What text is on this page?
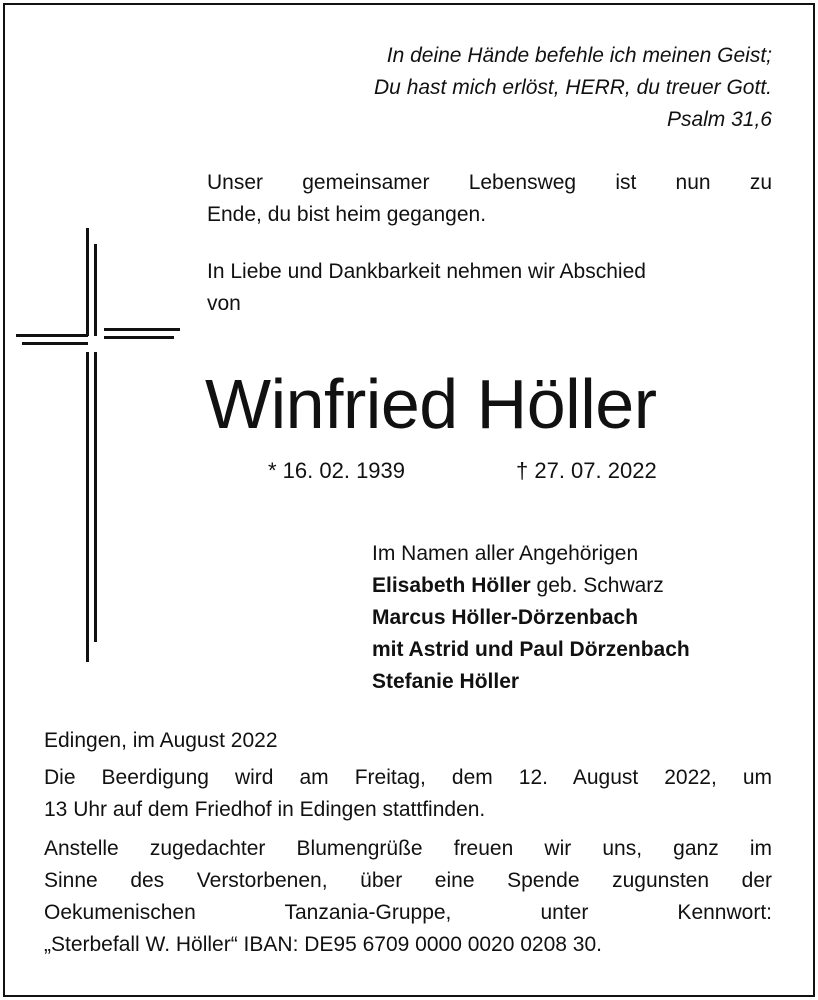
In deine Hände befehle ich meinen Geist;
Du hast mich erlöst, HERR, du treuer Gott.
Psalm 31,6
Unser gemeinsamer Lebensweg ist nun zu
Ende, du bist heim gegangen.
In Liebe und Dankbarkeit nehmen wir Abschied
von
Winfried Höller
* 16. 02. 1939	† 27. 07. 2022
Im Namen aller Angehörigen
Elisabeth Höller geb. Schwarz
Marcus Höller-Dörzenbach
mit Astrid und Paul Dörzenbach
Stefanie Höller
Edingen, im August 2022
Die Beerdigung wird am Freitag, dem 12. August 2022, um
13 Uhr auf dem Friedhof in Edingen stattfinden.
Anstelle zugedachter Blumengrüße freuen wir uns, ganz im
Sinne des Verstorbenen, über eine Spende zugunsten der
Oekumenischen Tanzania-Gruppe, unter Kennwort:
„Sterbefall W. Höller“ IBAN: DE95 6709 0000 0020 0208 30.
